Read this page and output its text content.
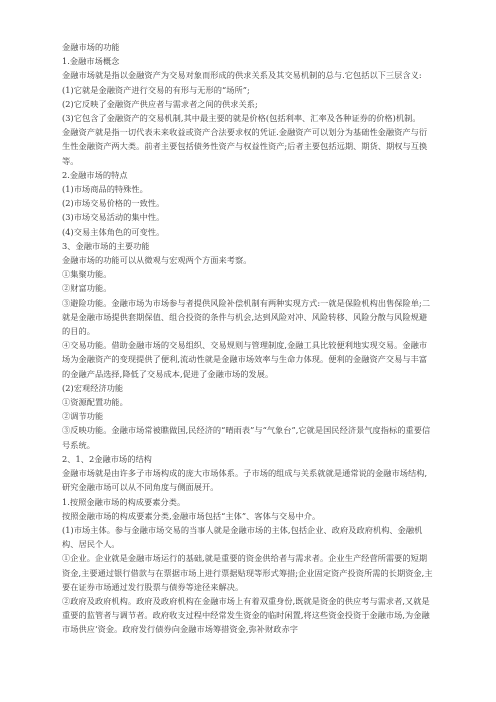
金融市场的功能

1.金融市场概念

金融市场就是指以金融资产为交易对象而形成的供求关系及其交易机制的总与.它包括以下三层含义:

(1)它就是金融资产进行交易的有形与无形的“场所”;

(2)它反映了金融资产供应者与需求者之间的供求关系;

(3)它包含了金融资产的交易机制,其中最主要的就是价格(包括利率、汇率及各种证券的价格)机制。

金融资产就是指一切代表未来收益或资产合法要求权的凭证.金融资产可以划分为基础性金融资产与衍生性金融资产两大类。前者主要包括债务性资产与权益性资产;后者主要包括远期、期货、期权与互换等。

2.金融市场的特点

(1)市场商品的特殊性。

(2)市场交易价格的一致性。

(3)市场交易活动的集中性。

(4)交易主体角色的可变性。

3、金融市场的主要功能

金融市场的功能可以从微观与宏观两个方面来考察。

①集聚功能。

②财富功能。

③避险功能。金融市场为市场参与者提供风险补偿机制有两种实现方式:一就是保险机构出售保险单;二就是金融市场提供套期保值、组合投资的条件与机会,达到风险对冲、风险转移、风险分散与风险规避的目的。

④交易功能。借助金融市场的交易组织、交易规则与管理制度,金融工具比较便利地实现交易。金融市场为金融资产的变现提供了便利,流动性就是金融市场效率与生命力体现。便利的金融资产交易与丰富的金融产品选择,降低了交易成本,促进了金融市场的发展。

(2)宏观经济功能

①资源配置功能。

②调节功能

③反映功能。金融市场常被瞧做国,民经济的“晴雨表”与“气象台”,它就是国民经济景气度指标的重要信号系统。

2、1、2金融市场的结构

金融市场就是由许多子市场构成的庞大市场体系。子市场的组成与关系就就是通常说的金融市场结构,研究金融市场可以从不同角度与侧面展开。

1.按照金融市场的构成要素分类。

按照金融市场的构成要素分类,金融市场包括“主体”、客体与交易中介。

(1)市场主体。参与金融市场交易的当事人就是金融市场的主体,包括企业、政府及政府机构、金融机构、居民个人。

①企业。企业就是金融市场运行的基础,就是重要的资金供给者与需求者。企业生产经营所需要的短期资金,主要通过银行借款与在票据市场上进行票据贴现等形式筹措;企业固定资产投资所需的长期资金,主要在证券市场通过发行股票与债券等途径来解决。

②政府及政府机构。政府及政府机构在金融市场上有着双重身份,既就是资金的供应考与需求者,又就是重要的监管者与调节者。政府收支过程中经常发生资金的临时闲置,将这些资金投资于金融市场,为金融市场供应ʻ资金。政府发行债券向金融市场筹措资金,弥补财政赤字
